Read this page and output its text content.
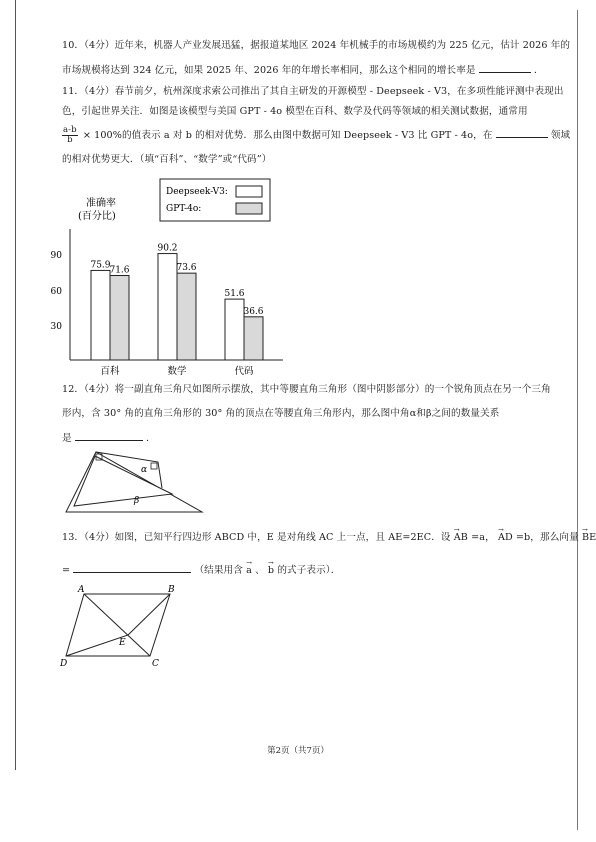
10．（4分）近年来，机器人产业发展迅猛，据报道某地区 2024 年机械手的市场规模约为 225 亿元，估计 2026 年的
市场规模将达到 324 亿元，如果 2025 年、2026 年的年增长率相同，那么这个相同的增长率是	．
11．（4分）春节前夕，杭州深度求索公司推出了其自主研发的开源模型 - Deepseek - V3，在多项性能评测中表现出
色，引起世界关注．如图是该模型与美国 GPT - 4o 模型在百科、数学及代码等领域的相关测试数据，通常用
$\frac{a-b}{b} \times 100\%$的值表示 a 对 b 的相对优势．那么由图中数据可知 Deepseek - V3 比 GPT - 4o，在	领域
的相对优势更大．（填“百科”、“数学”或“代码”）
Deepseek-V3:
GPT-4o:
准确率
(百分比)
90
60
30
75.9
71.6
百科
90.2
73.6
数学
51.6
36.6
代码
12．（4分）将一副直角三角尺如图所示摆放，其中等腰直角三角形（图中阴影部分）的一个锐角顶点在另一个三角
形内，含 30° 角的直角三角形的 30° 角的顶点在等腰直角三角形内，那么图中角α和β之间的数量关系
是	．
α
β
13．（4分）如图，已知平行四边形 ABCD 中，E 是对角线 AC 上一点，且 AE=2EC．设 → AB =a， → AD =b，那么向量 → BE
=	（结果用含 → a 、 → b 的式子表示）．
A	B
C
D
E
第2页（共7页）
